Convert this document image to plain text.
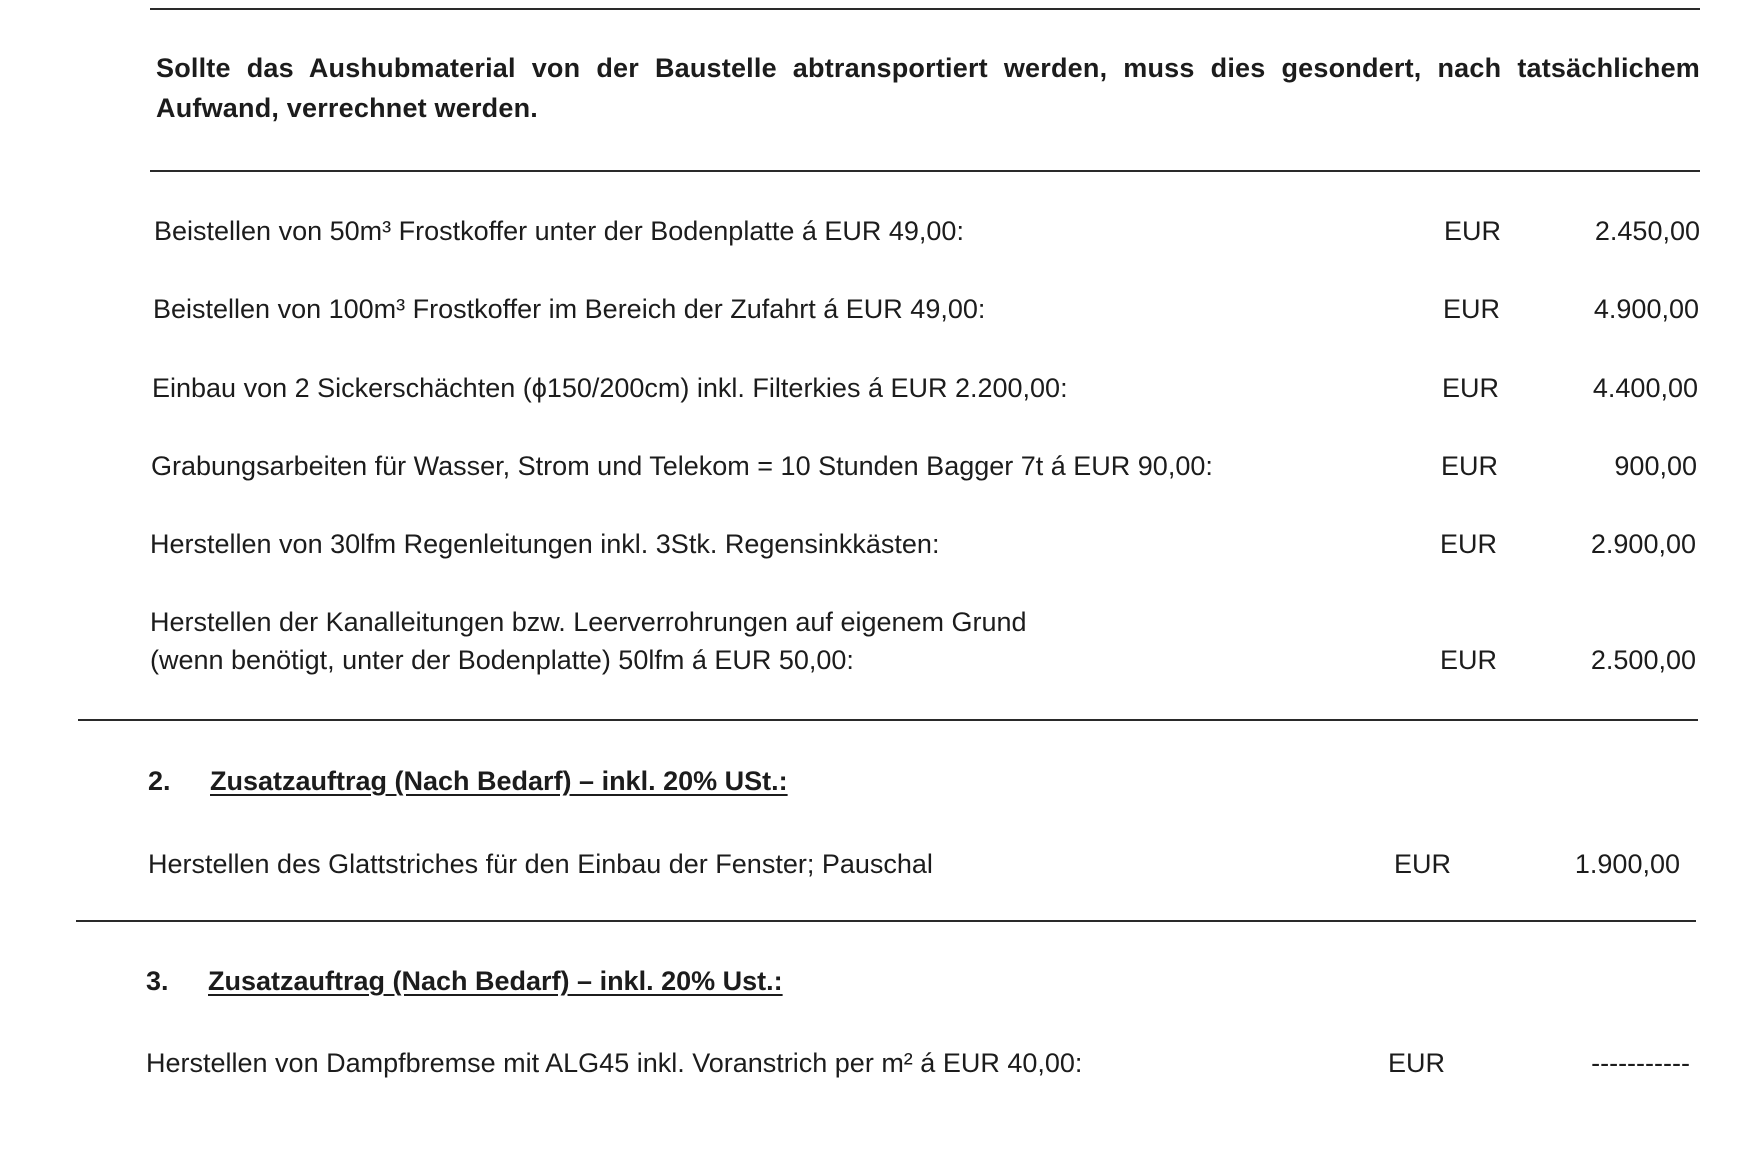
Sollte das Aushubmaterial von der Baustelle abtransportiert werden, muss dies gesondert, nach tatsächlichem Aufwand, verrechnet werden.
Beistellen von 50m³ Frostkoffer unter der Bodenplatte á EUR 49,00:	EUR	2.450,00
Beistellen von 100m³ Frostkoffer im Bereich der Zufahrt á EUR 49,00:	EUR	4.900,00
Einbau von 2 Sickerschächten (ϕ150/200cm) inkl. Filterkies á EUR 2.200,00:	EUR	4.400,00
Grabungsarbeiten für Wasser, Strom und Telekom = 10 Stunden Bagger 7t á EUR 90,00:	EUR	900,00
Herstellen von 30lfm Regenleitungen inkl. 3Stk. Regensinkkästen:	EUR	2.900,00
Herstellen der Kanalleitungen bzw. Leerverrohrungen auf eigenem Grund
(wenn benötigt, unter der Bodenplatte) 50lfm á EUR 50,00:	EUR	2.500,00
2. Zusatzauftrag (Nach Bedarf) – inkl. 20% USt.:
Herstellen des Glattstriches für den Einbau der Fenster; Pauschal	EUR	1.900,00
3. Zusatzauftrag (Nach Bedarf) – inkl. 20% Ust.:
Herstellen von Dampfbremse mit ALG45 inkl. Voranstrich per m² á EUR 40,00:	EUR	-----------
